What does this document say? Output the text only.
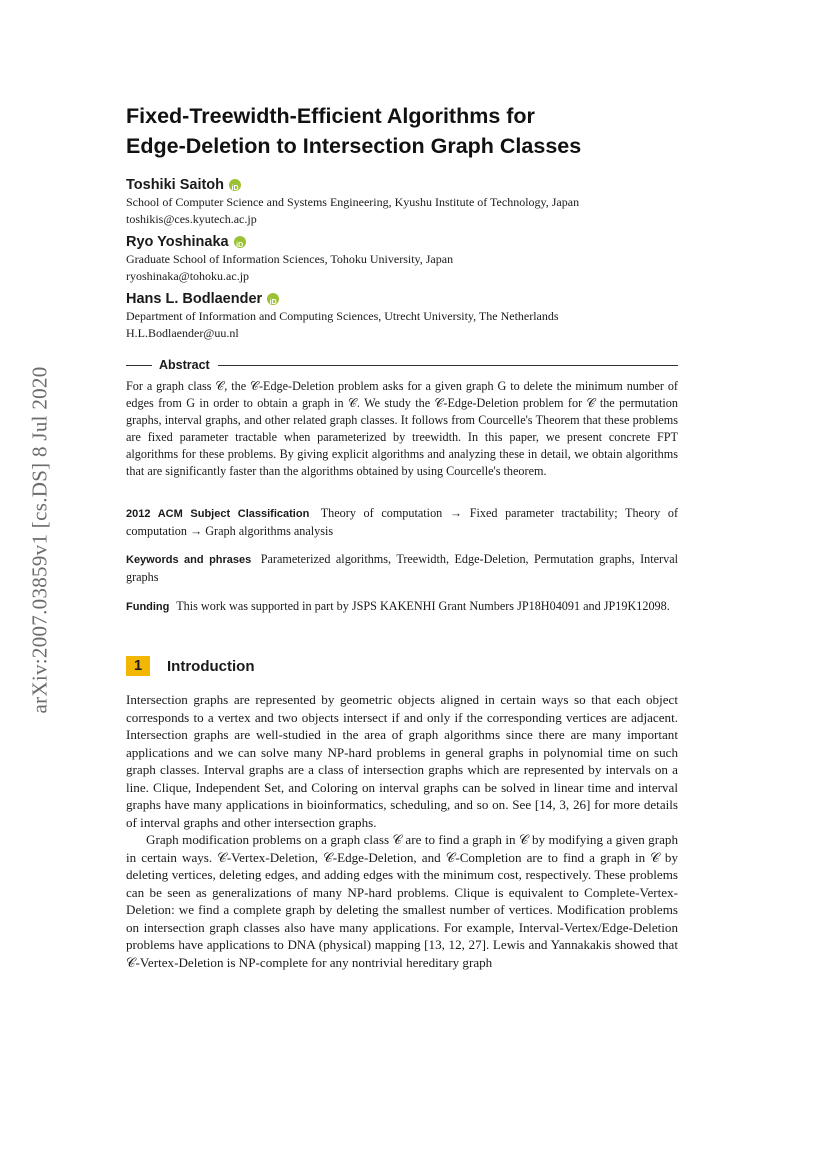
arXiv:2007.03859v1 [cs.DS] 8 Jul 2020
Fixed-Treewidth-Efficient Algorithms for
Edge-Deletion to Intersection Graph Classes
Toshiki Saitoh
iD
School of Computer Science and Systems Engineering, Kyushu Institute of Technology, Japan
toshikis@ces.kyutech.ac.jp
Ryo Yoshinaka
iD
Graduate School of Information Sciences, Tohoku University, Japan
ryoshinaka@tohoku.ac.jp
Hans L. Bodlaender
iD
Department of Information and Computing Sciences, Utrecht University, The Netherlands
H.L.Bodlaender@uu.nl
Abstract
For a graph class 𝒞, the 𝒞-Edge-Deletion problem asks for a given graph G to delete the minimum number of edges from G in order to obtain a graph in 𝒞. We study the 𝒞-Edge-Deletion problem for 𝒞 the permutation graphs, interval graphs, and other related graph classes. It follows from Courcelle's Theorem that these problems are fixed parameter tractable when parameterized by treewidth. In this paper, we present concrete FPT algorithms for these problems. By giving explicit algorithms and analyzing these in detail, we obtain algorithms that are significantly faster than the algorithms obtained by using Courcelle's theorem.
2012 ACM Subject Classification Theory of computation → Fixed parameter tractability; Theory of computation → Graph algorithms analysis
Keywords and phrases Parameterized algorithms, Treewidth, Edge-Deletion, Permutation graphs, Interval graphs
Funding This work was supported in part by JSPS KAKENHI Grant Numbers JP18H04091 and JP19K12098.
1	Introduction

Intersection graphs are represented by geometric objects aligned in certain ways so that each object corresponds to a vertex and two objects intersect if and only if the corresponding vertices are adjacent. Intersection graphs are well-studied in the area of graph algorithms since there are many important applications and we can solve many NP-hard problems in general graphs in polynomial time on such graph classes. Interval graphs are a class of intersection graphs which are represented by intervals on a line. Clique, Independent Set, and Coloring on interval graphs can be solved in linear time and interval graphs have many applications in bioinformatics, scheduling, and so on. See [14, 3, 26] for more details of interval graphs and other intersection graphs.

Graph modification problems on a graph class 𝒞 are to find a graph in 𝒞 by modifying a given graph in certain ways. 𝒞-Vertex-Deletion, 𝒞-Edge-Deletion, and 𝒞-Completion are to find a graph in 𝒞 by deleting vertices, deleting edges, and adding edges with the minimum cost, respectively. These problems can be seen as generalizations of many NP-hard problems. Clique is equivalent to Complete-Vertex-Deletion: we find a complete graph by deleting the smallest number of vertices. Modification problems on intersection graph classes also have many applications. For example, Interval-Vertex/Edge-Deletion problems have applications to DNA (physical) mapping [13, 12, 27]. Lewis and Yannakakis showed that 𝒞-Vertex-Deletion is NP-complete for any nontrivial hereditary graph
